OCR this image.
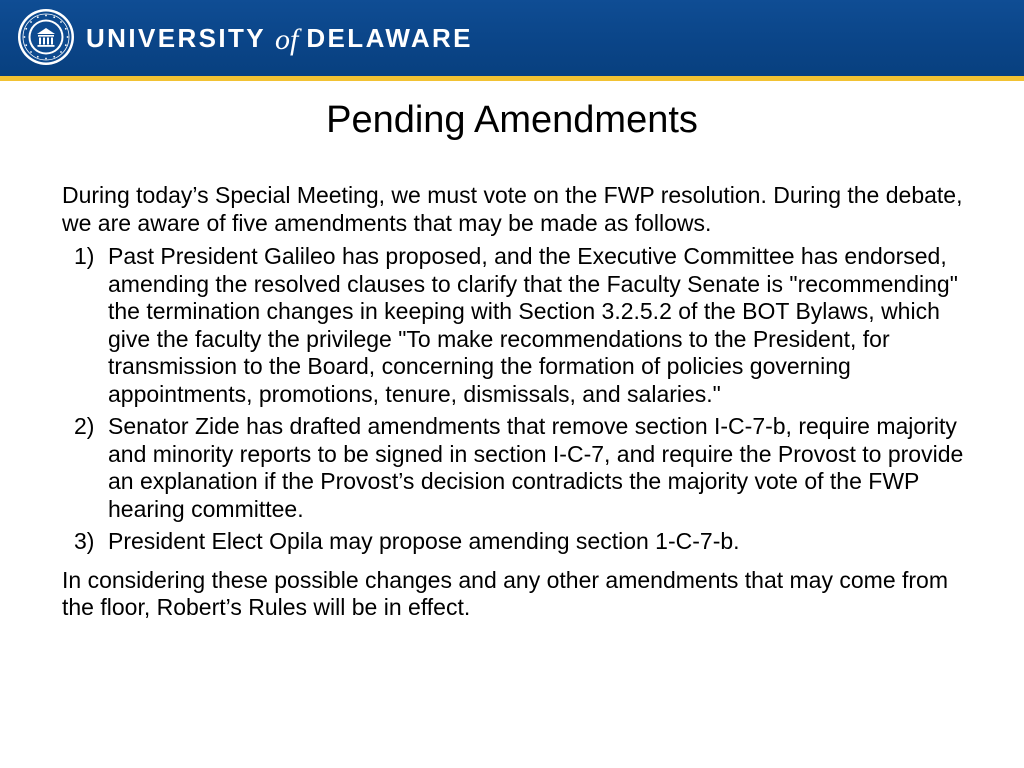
UNIVERSITY of DELAWARE
Pending Amendments

During today’s Special Meeting, we must vote on the FWP resolution. During the debate, we are aware of five amendments that may be made as follows.

1) Past President Galileo has proposed, and the Executive Committee has endorsed, amending the resolved clauses to clarify that the Faculty Senate is "recommending" the termination changes in keeping with Section 3.2.5.2 of the BOT Bylaws, which give the faculty the privilege "To make recommendations to the President, for transmission to the Board, concerning the formation of policies governing appointments, promotions, tenure, dismissals, and salaries."
2) Senator Zide has drafted amendments that remove section I-C-7-b, require majority and minority reports to be signed in section I-C-7, and require the Provost to provide an explanation if the Provost’s decision contradicts the majority vote of the FWP hearing committee.
3) President Elect Opila may propose amending section 1-C-7-b.

In considering these possible changes and any other amendments that may come from the floor, Robert’s Rules will be in effect.
